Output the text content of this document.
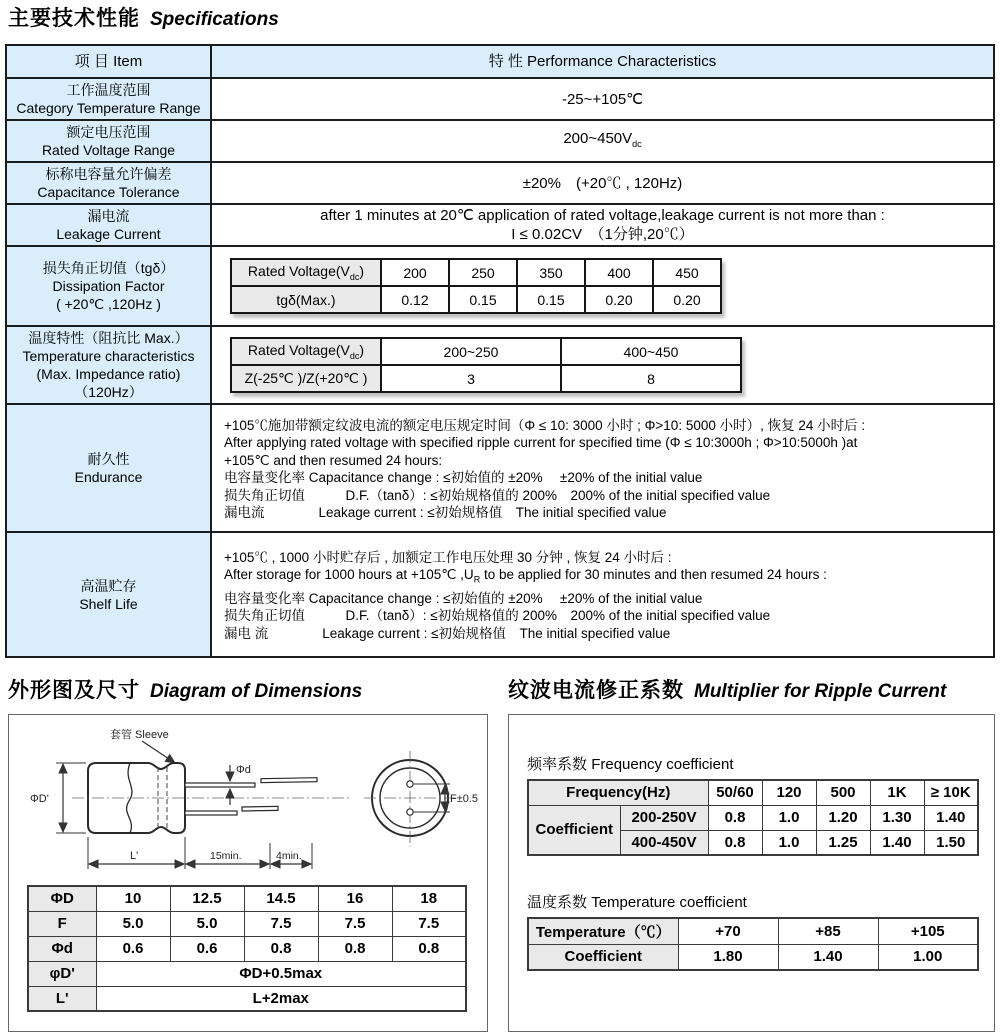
主要技术性能 Specifications
项 目 Item	特 性 Performance Characteristics

工作温度范围
Category Temperature Range
	-25~+105℃

额定电压范围
Rated Voltage Range
	$200\sim 450V_{dc}$

标称电容量允许偏差
Capacitance Tolerance
	±20%　(+20℃ , 120Hz)

漏电流
Leakage Current

after 1 minutes at 20℃ application of rated voltage,leakage current is not more than :
I ≤ 0.02CV　（1分钟,20℃）

损失角正切值（tgδ）
Dissipation Factor
( +20℃ ,120Hz )

Rated $Voltage(V_{dc})$	200	250	350	400	450
tgδ(Max.)	0.12	0.15	0.15	0.20	0.20

温度特性（阻抗比 Max.）
Temperature characteristics
(Max. Impedance ratio)
（120Hz）

Rated $Voltage(V_{dc})$	200~250	400~450
Z(-25℃ )/Z(+20℃ )	3	8

耐久性
Endurance

+105℃施加带额定纹波电流的额定电压规定时间（Φ ≤ 10: 3000 小时 ; Φ>10: 5000 小时）, 恢复 24 小时后 :
After applying rated voltage with specified ripple current for specified time (Φ ≤ 10:3000h ; Φ>10:5000h )at
+105℃ and then resumed 24 hours:
电容量变化率 Capacitance change : ≤初始值的 ±20%　 ±20% of the initial value
损失角正切值　　　D.F.（tanδ）: ≤初始规格值的 200%　200% of the initial specified value
漏电流　　　　Leakage current : ≤初始规格值　The initial specified value

高温贮存
Shelf Life

+105℃ , 1000 小时贮存后 , 加额定工作电压处理 30 分钟 , 恢复 24 小时后 :
After storage for 1000 hours at +105℃ $,U_R$ to be applied for 30 minutes and then resumed 24 hours :
电容量变化率 Capacitance change : ≤初始值的 ±20%　 ±20% of the initial value
损失角正切值　　　D.F.（tanδ）: ≤初始规格值的 200%　200% of the initial specified value
漏电 流　　　　Leakage current : ≤初始规格值　The initial specified value
外形图及尺寸 Diagram of Dimensions
套管 Sleeve
ΦD'
Φd
L'	15min.	4min.
F±0.5
ΦD	10	12.5	14.5	16	18
F	5.0	5.0	7.5	7.5	7.5
Φd	0.6	0.6	0.8	0.8	0.8
φD'	ΦD+0.5max				
L'	L+2max				
纹波电流修正系数 Multiplier for Ripple Current
频率系数 Frequency coefficient
Frequency(Hz)		50/60	120	500	1K	≥ 10K
Coefficient	200-250V	0.8	1.0	1.20	1.30	1.40
	400-450V	0.8	1.0	1.25	1.40	1.50
温度系数 Temperature coefficient
Temperature（℃）	+70	+85	+105
Coefficient	1.80	1.40	1.00
